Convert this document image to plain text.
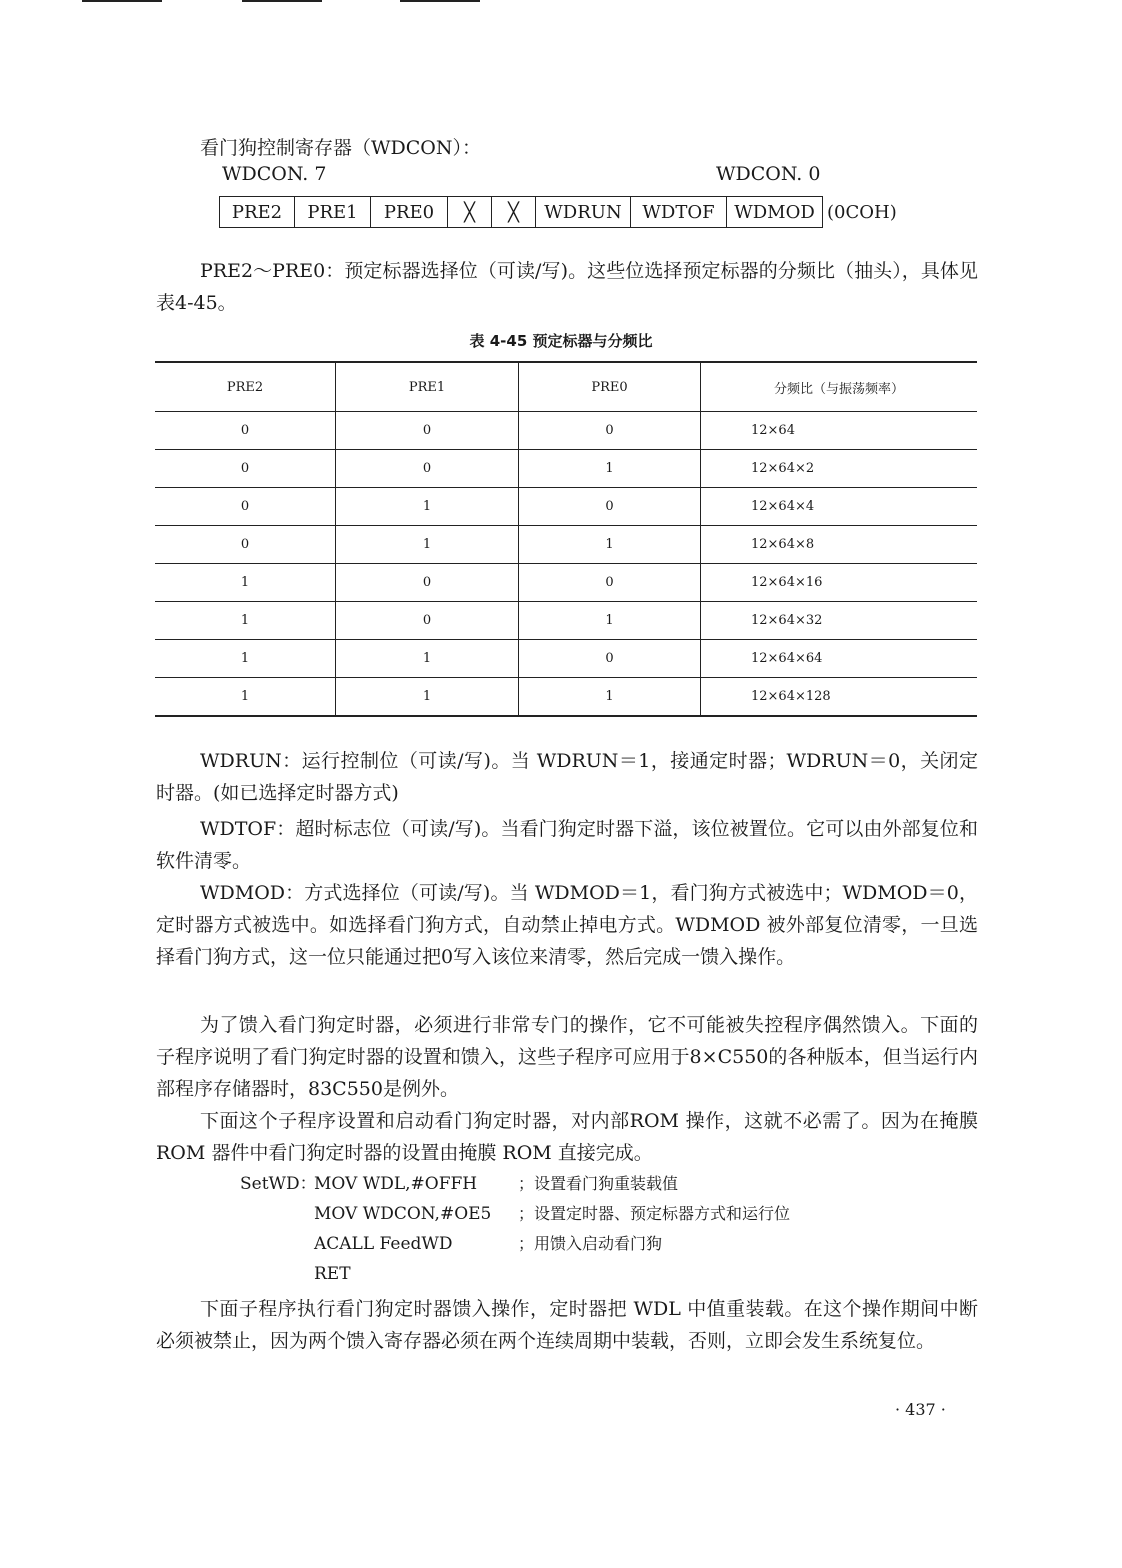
看门狗控制寄存器（WDCON）：
WDCON. 7	WDCON. 0
PRE2	PRE1	PRE0	╳	╳	WDRUN	WDTOF	WDMOD (0COH)

PRE2～PRE0：预定标器选择位（可读/写)。这些位选择预定标器的分频比（抽头），具体见表4-45。

表 4-45 预定标器与分频比
PRE2	PRE1	PRE0	分频比（与振荡频率）
0	0	0	12×64
0	0	1	12×64×2
0	1	0	12×64×4
0	1	1	12×64×8
1	0	0	12×64×16
1	0	1	12×64×32
1	1	0	12×64×64
1	1	1	12×64×128

WDRUN：运行控制位（可读/写)。当 WDRUN＝1，接通定时器；WDRUN＝0，关闭定时器。(如已选择定时器方式)

WDTOF：超时标志位（可读/写)。当看门狗定时器下溢，该位被置位。它可以由外部复位和软件清零。

WDMOD：方式选择位（可读/写)。当 WDMOD＝1，看门狗方式被选中；WDMOD＝0，定时器方式被选中。如选择看门狗方式，自动禁止掉电方式。WDMOD 被外部复位清零，一旦选择看门狗方式，这一位只能通过把0写入该位来清零，然后完成一馈入操作。

为了馈入看门狗定时器，必须进行非常专门的操作，它不可能被失控程序偶然馈入。下面的子程序说明了看门狗定时器的设置和馈入，这些子程序可应用于8×C550的各种版本，但当运行内部程序存储器时，83C550是例外。

下面这个子程序设置和启动看门狗定时器，对内部ROM 操作，这就不必需了。因为在掩膜 ROM 器件中看门狗定时器的设置由掩膜 ROM 直接完成。

SetWD：
MOV WDL,#OFFH	；设置看门狗重装载值
MOV WDCON,#OE5 ；设置定时器、预定标器方式和运行位
ACALL FeedWD	；用馈入启动看门狗
RET

下面子程序执行看门狗定时器馈入操作，定时器把 WDL 中值重装载。在这个操作期间中断必须被禁止，因为两个馈入寄存器必须在两个连续周期中装载，否则，立即会发生系统复位。

· 437 ·
